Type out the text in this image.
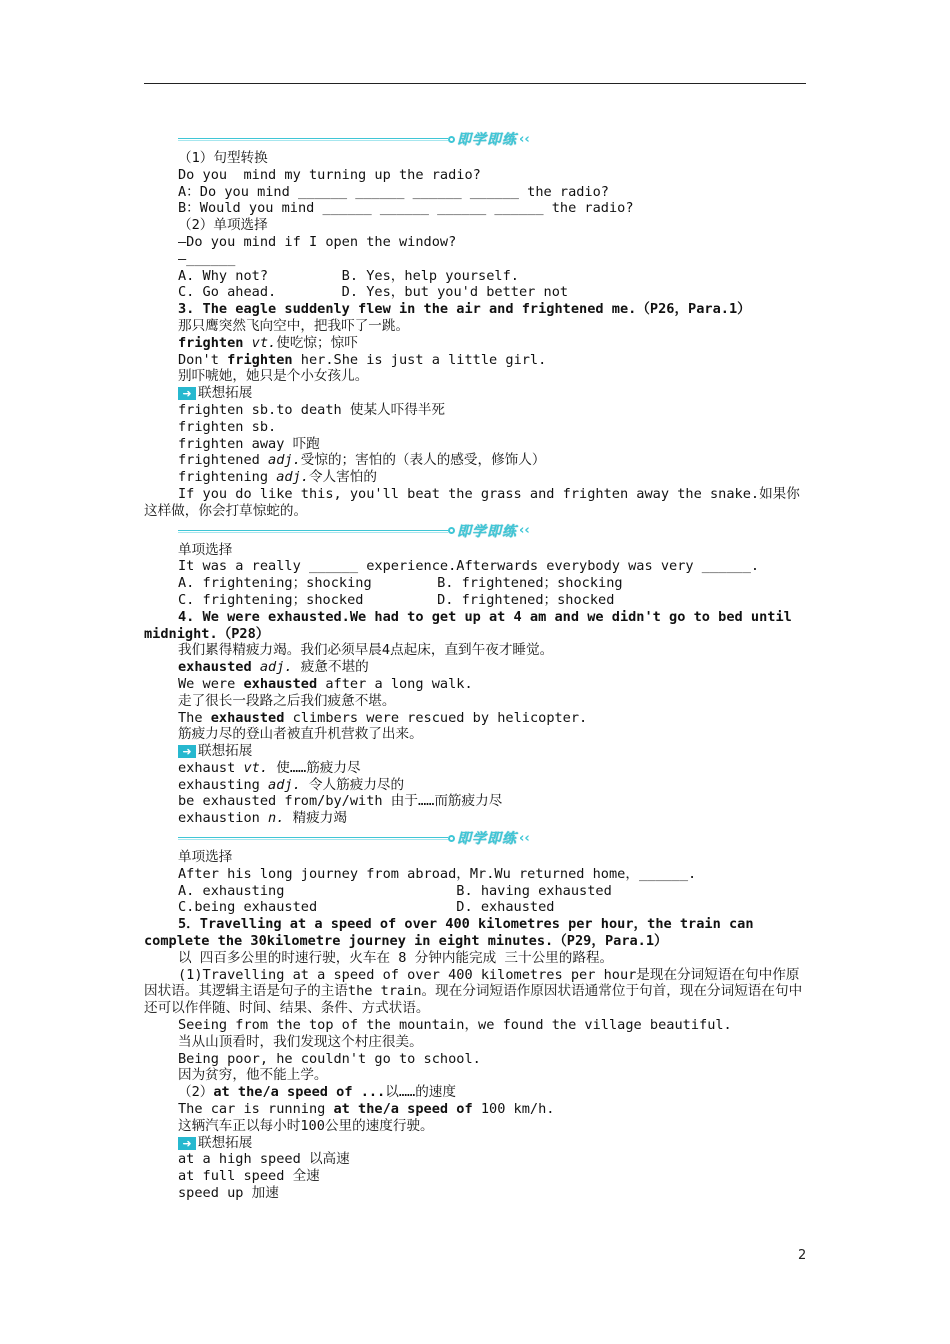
即学即练 ‹‹
（1）句型转换
Do you  mind my turning up the radio?
A：Do you mind ______ ______ ______ ______ the radio?
B：Would you mind ______ ______ ______ ______ the radio?
（2）单项选择
—Do you mind if I open the window?
—______
A. Why not?         B. Yes，help yourself.
C. Go ahead.        D. Yes，but you'd better not
3. The eagle suddenly flew in the air and frightened me.（P26，Para.1）
那只鹰突然飞向空中，把我吓了一跳。
frighten vt.使吃惊；惊吓
Don't frighten her.She is just a little girl.
别吓唬她，她只是个小女孩儿。
➜ 联想拓展
frighten sb.to death 使某人吓得半死
frighten sb.
frighten away 吓跑
frightened adj.受惊的；害怕的（表人的感受，修饰人）
frightening adj.令人害怕的
If you do like this, you'll beat the grass and frighten away the snake.如果你这样做，你会打草惊蛇的。
即学即练 ‹‹
单项选择
It was a really ______ experience.Afterwards everybody was very ______.
A. frightening；shocking        B. frightened；shocking
C. frightening；shocked         D. frightened；shocked
4. We were exhausted.We had to get up at 4 am and we didn't go to bed until midnight.（P28）
我们累得精疲力竭。我们必须早晨4点起床，直到午夜才睡觉。
exhausted adj. 疲惫不堪的
We were exhausted after a long walk.
走了很长一段路之后我们疲惫不堪。
The exhausted climbers were rescued by helicopter.
筋疲力尽的登山者被直升机营救了出来。
➜ 联想拓展
exhaust vt. 使……筋疲力尽
exhausting adj. 令人筋疲力尽的
be exhausted from/by/with 由于……而筋疲力尽
exhaustion n. 精疲力竭
即学即练 ‹‹
单项选择
After his long journey from abroad，Mr.Wu returned home，______.
A. exhausting                     B. having exhausted
C.being exhausted                 D. exhausted
5．Travelling at a speed of over 400 kilometres per hour，the train can complete the 30kilometre journey in eight minutes.（P29，Para.1）
以 四百多公里的时速行驶，火车在 8 分钟内能完成 三十公里的路程。
(1)Travelling at a speed of over 400 kilometres per hour是现在分词短语在句中作原因状语。其逻辑主语是句子的主语the train。现在分词短语作原因状语通常位于句首，现在分词短语在句中还可以作伴随、时间、结果、条件、方式状语。
Seeing from the top of the mountain，we found the village beautiful.
当从山顶看时，我们发现这个村庄很美。
Being poor, he couldn't go to school.
因为贫穷，他不能上学。
（2）at the/a speed of ...以……的速度
The car is running at the/a speed of 100 km/h.
这辆汽车正以每小时100公里的速度行驶。
➜ 联想拓展
at a high speed 以高速
at full speed 全速
speed up 加速
2
